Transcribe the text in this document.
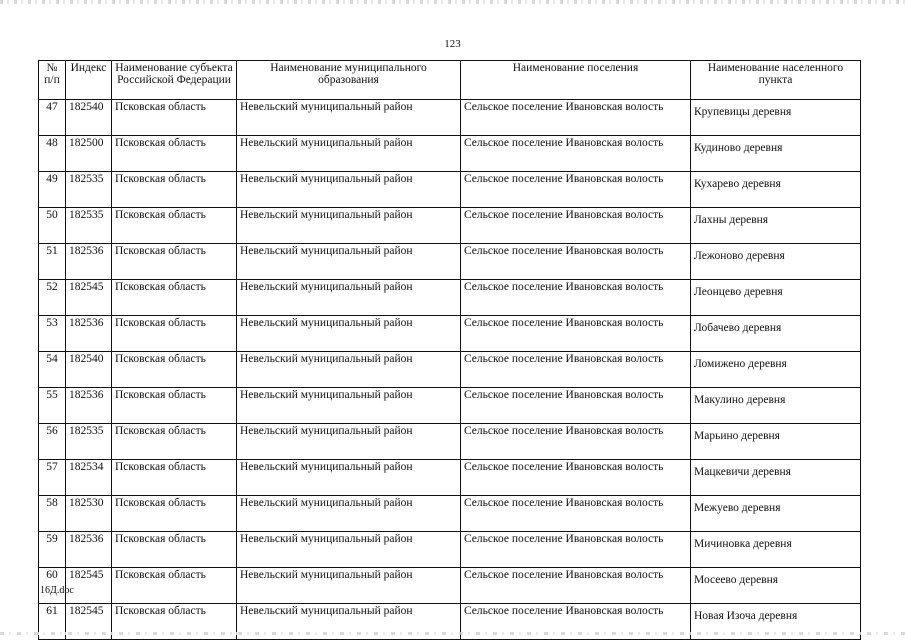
123
№ п/п	Индекс	Наименование субъекта Российской Федерации	Наименование муниципального образования	Наименование поселения	Наименование населенного пункта
47	182540	Псковская область	Невельский муниципальный район	Сельское поселение Ивановская волость	Крупевицы деревня
48	182500	Псковская область	Невельский муниципальный район	Сельское поселение Ивановская волость	Кудиново деревня
49	182535	Псковская область	Невельский муниципальный район	Сельское поселение Ивановская волость	Кухарево деревня
50	182535	Псковская область	Невельский муниципальный район	Сельское поселение Ивановская волость	Лахны деревня
51	182536	Псковская область	Невельский муниципальный район	Сельское поселение Ивановская волость	Лежоново деревня
52	182545	Псковская область	Невельский муниципальный район	Сельское поселение Ивановская волость	Леонцево деревня
53	182536	Псковская область	Невельский муниципальный район	Сельское поселение Ивановская волость	Лобачево деревня
54	182540	Псковская область	Невельский муниципальный район	Сельское поселение Ивановская волость	Ломижено деревня
55	182536	Псковская область	Невельский муниципальный район	Сельское поселение Ивановская волость	Макулино деревня
56	182535	Псковская область	Невельский муниципальный район	Сельское поселение Ивановская волость	Марьино деревня
57	182534	Псковская область	Невельский муниципальный район	Сельское поселение Ивановская волость	Мацкевичи деревня
58	182530	Псковская область	Невельский муниципальный район	Сельское поселение Ивановская волость	Межуево деревня
59	182536	Псковская область	Невельский муниципальный район	Сельское поселение Ивановская волость	Мичиновка деревня
60	182545	Псковская область	Невельский муниципальный район	Сельское поселение Ивановская волость	Мосеево деревня
61	182545	Псковская область	Невельский муниципальный район	Сельское поселение Ивановская волость	Новая Изоча деревня
16Д.doc
